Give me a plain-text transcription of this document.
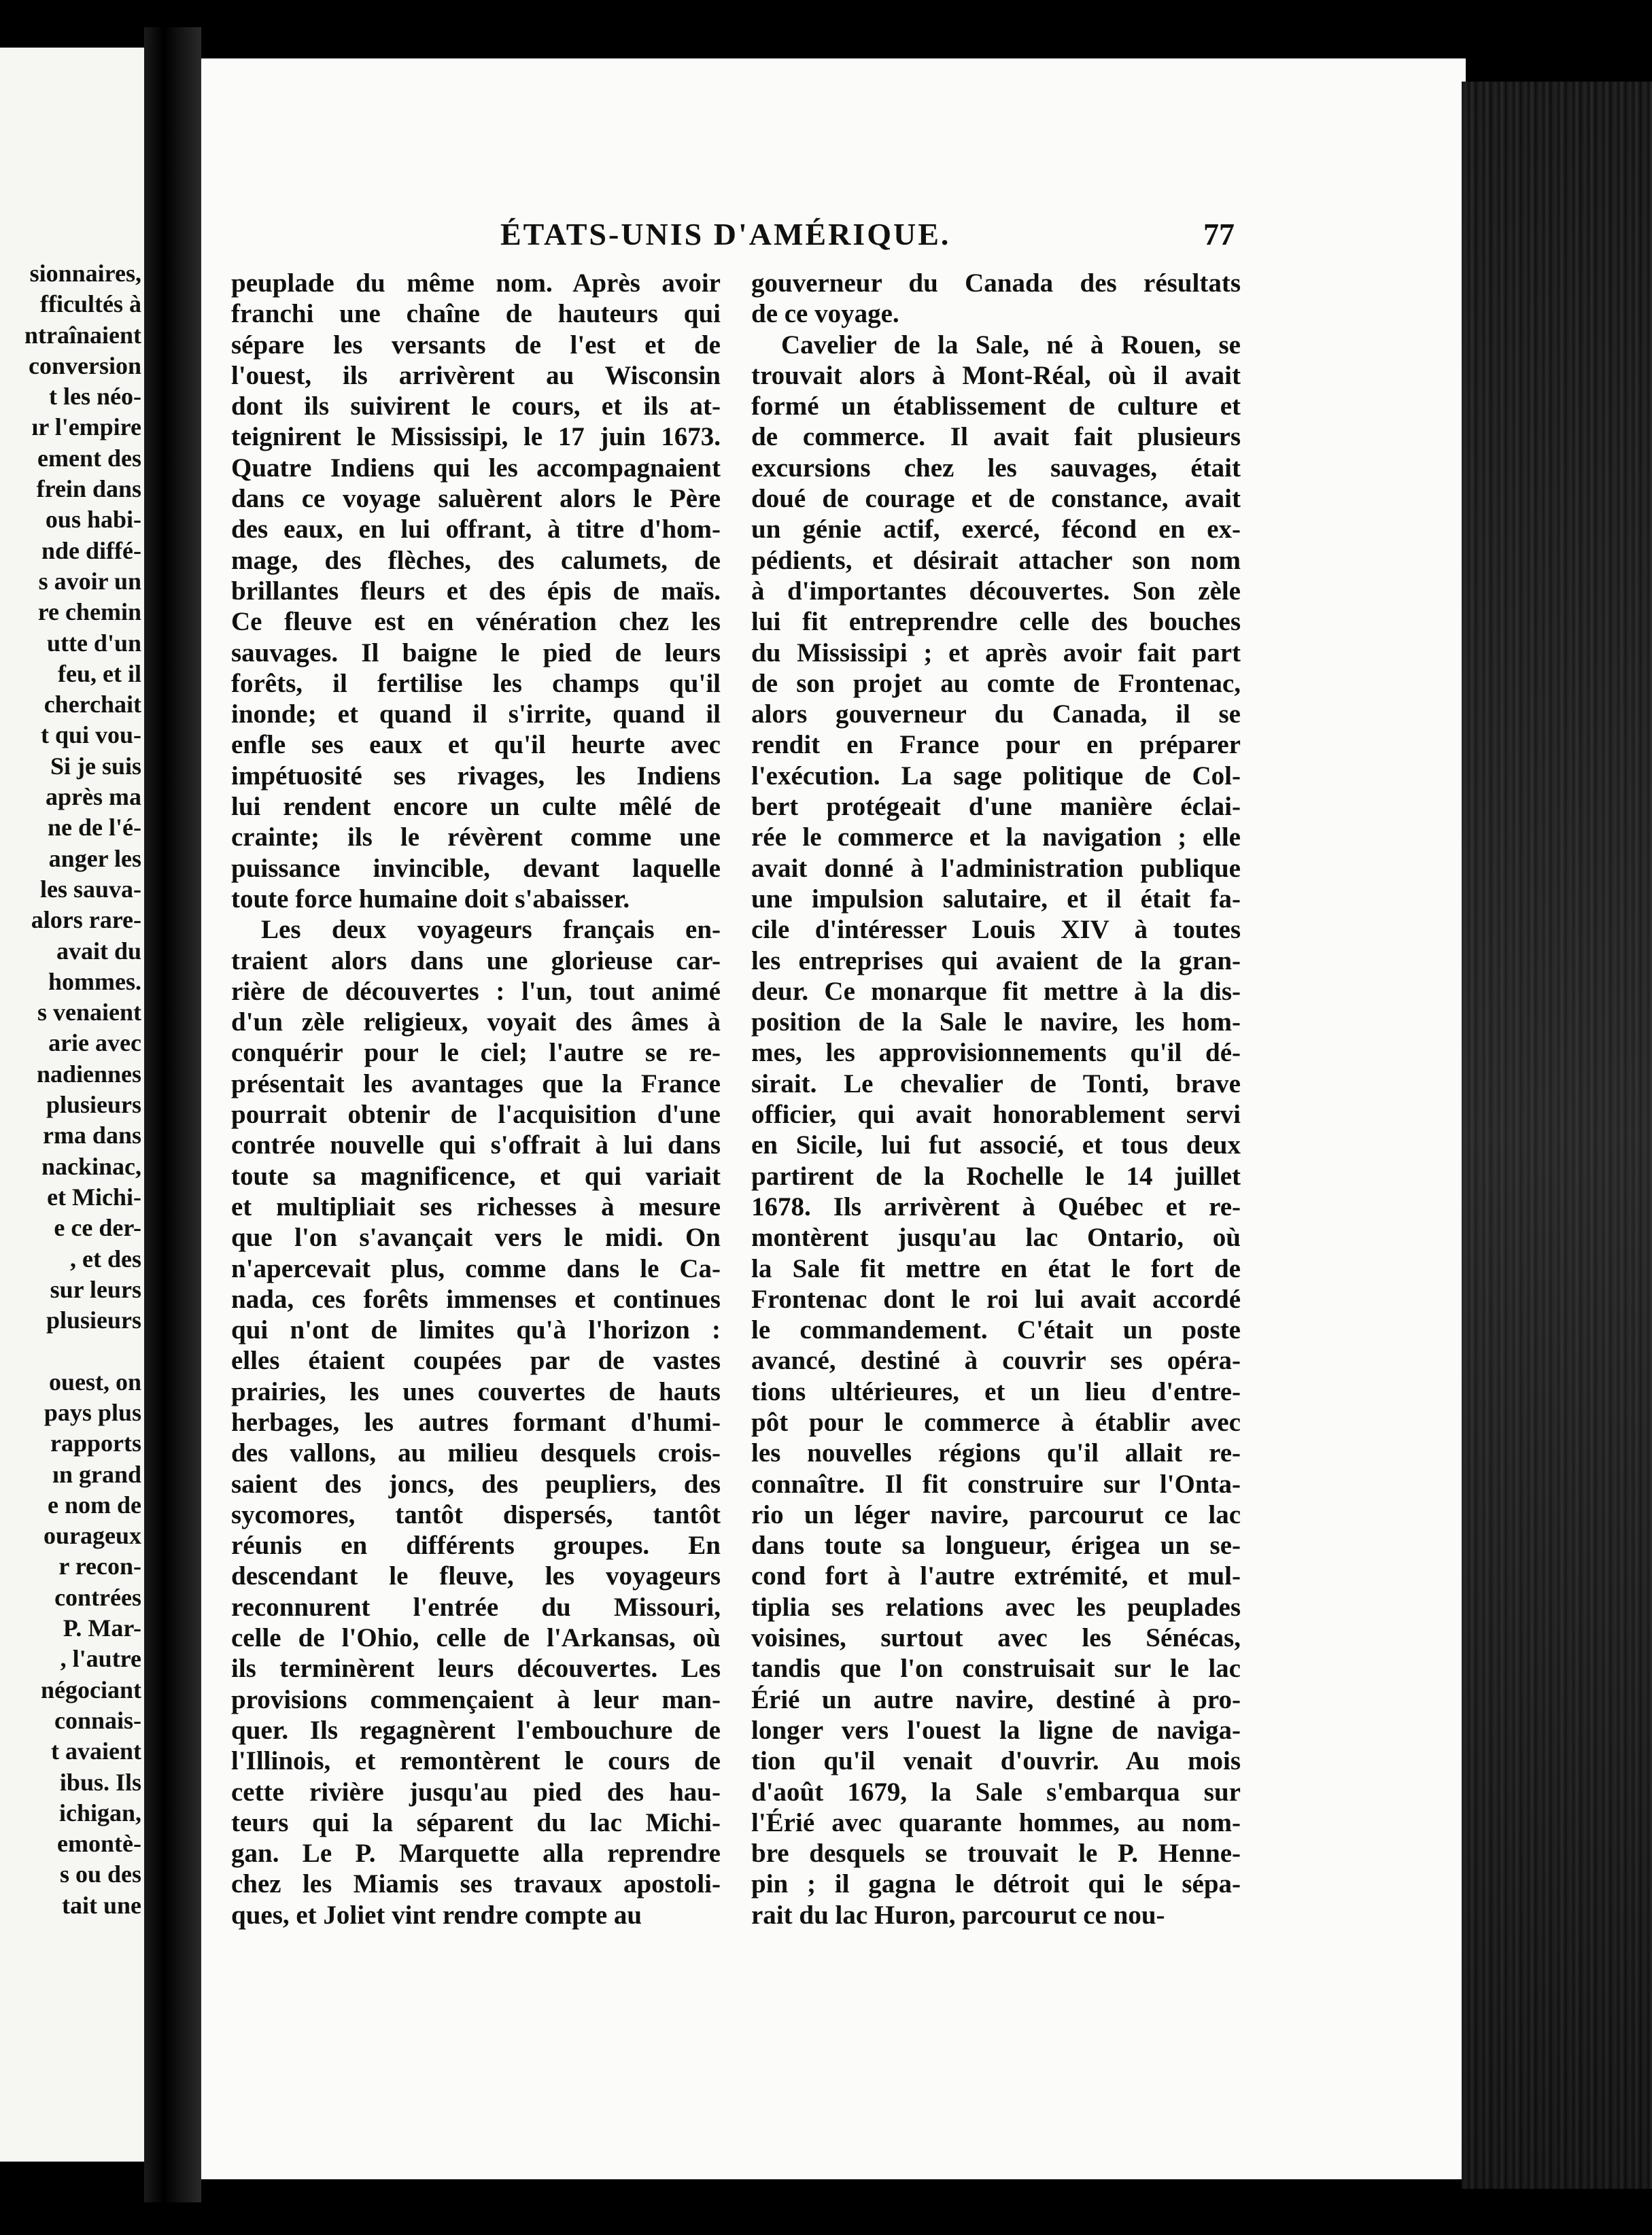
sionnaires,
fficultés à
ntraînaient
conversion
t les néo-
ır l'empire
ement des
frein dans
ous habi-
nde diffé-
s avoir un
re chemin
utte d'un
feu, et il
cherchait
t qui vou-
Si je suis
après ma
ne de l'é-
anger les
les sauva-
alors rare-
avait du
hommes.
s venaient
arie avec
nadiennes
plusieurs
rma dans
nackinac,
et Michi-
e ce der-
, et des
sur leurs
plusieurs
ouest, on
pays plus
rapports
ın grand
e nom de
ourageux
r recon-
contrées
P. Mar-
, l'autre
négociant
connais-
t avaient
ibus. Ils
ichigan,
emontè-
s ou des
tait une
ÉTATS-UNIS D'AMÉRIQUE.	77
peuplade du même nom. Après avoir
franchi une chaîne de hauteurs qui
sépare les versants de l'est et de
l'ouest, ils arrivèrent au Wisconsin
dont ils suivirent le cours, et ils at-
teignirent le Mississipi, le 17 juin 1673.
Quatre Indiens qui les accompagnaient
dans ce voyage saluèrent alors le Père
des eaux, en lui offrant, à titre d'hom-
mage, des flèches, des calumets, de
brillantes fleurs et des épis de maïs.
Ce fleuve est en vénération chez les
sauvages. Il baigne le pied de leurs
forêts, il fertilise les champs qu'il
inonde; et quand il s'irrite, quand il
enfle ses eaux et qu'il heurte avec
impétuosité ses rivages, les Indiens
lui rendent encore un culte mêlé de
crainte; ils le révèrent comme une
puissance invincible, devant laquelle
toute force humaine doit s'abaisser.
Les deux voyageurs français en-
traient alors dans une glorieuse car-
rière de découvertes : l'un, tout animé
d'un zèle religieux, voyait des âmes à
conquérir pour le ciel; l'autre se re-
présentait les avantages que la France
pourrait obtenir de l'acquisition d'une
contrée nouvelle qui s'offrait à lui dans
toute sa magnificence, et qui variait
et multipliait ses richesses à mesure
que l'on s'avançait vers le midi. On
n'apercevait plus, comme dans le Ca-
nada, ces forêts immenses et continues
qui n'ont de limites qu'à l'horizon :
elles étaient coupées par de vastes
prairies, les unes couvertes de hauts
herbages, les autres formant d'humi-
des vallons, au milieu desquels crois-
saient des joncs, des peupliers, des
sycomores, tantôt dispersés, tantôt
réunis en différents groupes. En
descendant le fleuve, les voyageurs
reconnurent l'entrée du Missouri,
celle de l'Ohio, celle de l'Arkansas, où
ils terminèrent leurs découvertes. Les
provisions commençaient à leur man-
quer. Ils regagnèrent l'embouchure de
l'Illinois, et remontèrent le cours de
cette rivière jusqu'au pied des hau-
teurs qui la séparent du lac Michi-
gan. Le P. Marquette alla reprendre
chez les Miamis ses travaux apostoli-
ques, et Joliet vint rendre compte au
gouverneur du Canada des résultats
de ce voyage.
Cavelier de la Sale, né à Rouen, se
trouvait alors à Mont-Réal, où il avait
formé un établissement de culture et
de commerce. Il avait fait plusieurs
excursions chez les sauvages, était
doué de courage et de constance, avait
un génie actif, exercé, fécond en ex-
pédients, et désirait attacher son nom
à d'importantes découvertes. Son zèle
lui fit entreprendre celle des bouches
du Mississipi ; et après avoir fait part
de son projet au comte de Frontenac,
alors gouverneur du Canada, il se
rendit en France pour en préparer
l'exécution. La sage politique de Col-
bert protégeait d'une manière éclai-
rée le commerce et la navigation ; elle
avait donné à l'administration publique
une impulsion salutaire, et il était fa-
cile d'intéresser Louis XIV à toutes
les entreprises qui avaient de la gran-
deur. Ce monarque fit mettre à la dis-
position de la Sale le navire, les hom-
mes, les approvisionnements qu'il dé-
sirait. Le chevalier de Tonti, brave
officier, qui avait honorablement servi
en Sicile, lui fut associé, et tous deux
partirent de la Rochelle le 14 juillet
1678. Ils arrivèrent à Québec et re-
montèrent jusqu'au lac Ontario, où
la Sale fit mettre en état le fort de
Frontenac dont le roi lui avait accordé
le commandement. C'était un poste
avancé, destiné à couvrir ses opéra-
tions ultérieures, et un lieu d'entre-
pôt pour le commerce à établir avec
les nouvelles régions qu'il allait re-
connaître. Il fit construire sur l'Onta-
rio un léger navire, parcourut ce lac
dans toute sa longueur, érigea un se-
cond fort à l'autre extrémité, et mul-
tiplia ses relations avec les peuplades
voisines, surtout avec les Sénécas,
tandis que l'on construisait sur le lac
Érié un autre navire, destiné à pro-
longer vers l'ouest la ligne de naviga-
tion qu'il venait d'ouvrir. Au mois
d'août 1679, la Sale s'embarqua sur
l'Érié avec quarante hommes, au nom-
bre desquels se trouvait le P. Henne-
pin ; il gagna le détroit qui le sépa-
rait du lac Huron, parcourut ce nou-
